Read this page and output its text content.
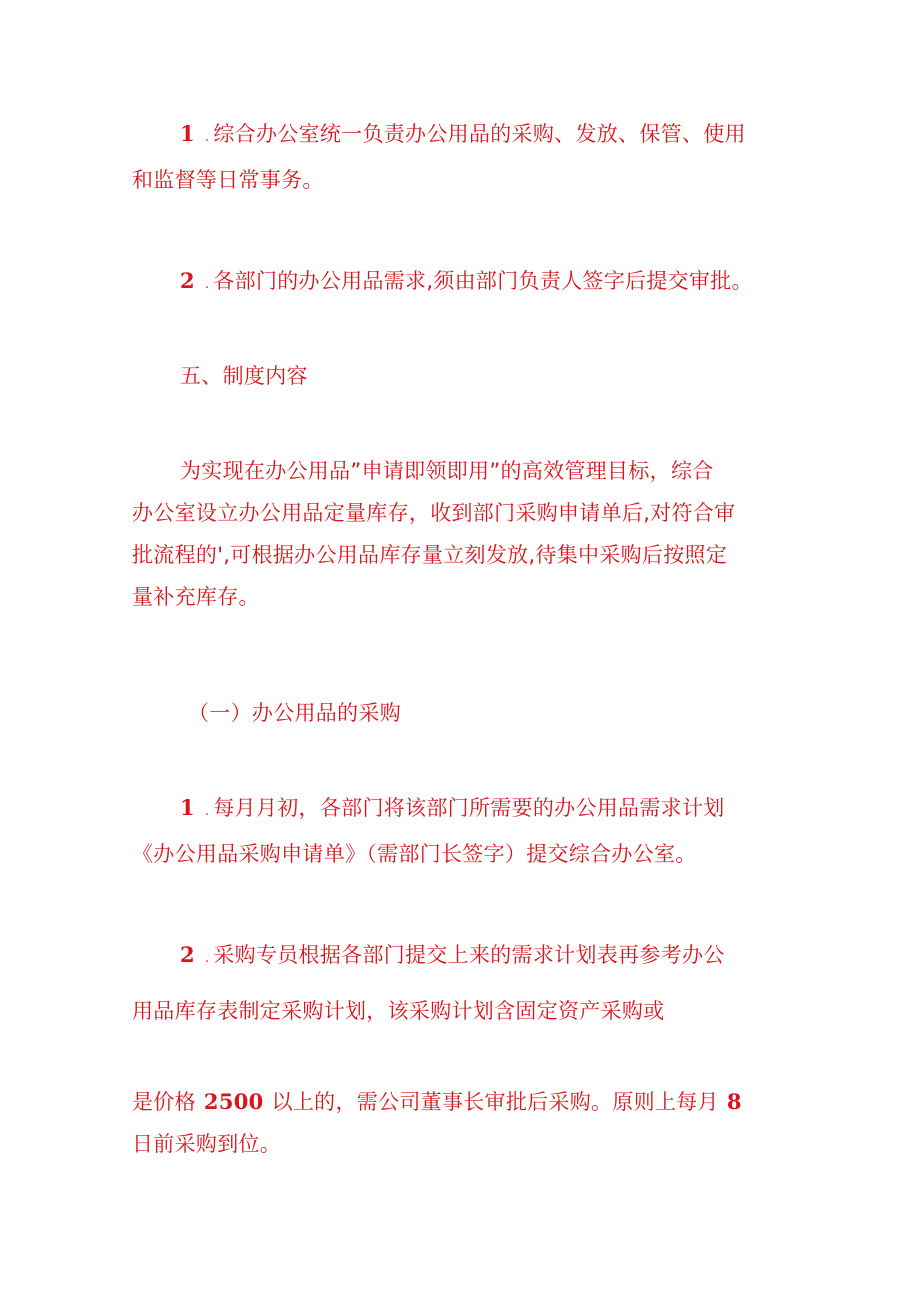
1 . 综合办公室统一负责办公用品的采购、发放、保管、使用
和监督等日常事务。

2 . 各部门的办公用品需求,须由部门负责人签字后提交审批。

五、制度内容

为实现在办公用品”申请即领即用”的高效管理目标，综合
办公室设立办公用品定量库存，收到部门采购申请单后,对符合审
批流程的',可根据办公用品库存量立刻发放,待集中采购后按照定
量补充库存。

（一）办公用品的采购

1 . 每月月初，各部门将该部门所需要的办公用品需求计划
《办公用品采购申请单》（需部门长签字）提交综合办公室。

2 . 采购专员根据各部门提交上来的需求计划表再参考办公
用品库存表制定采购计划，该采购计划含固定资产采购或

是价格 2500 以上的，需公司董事长审批后采购。原则上每月 8
日前采购到位。
